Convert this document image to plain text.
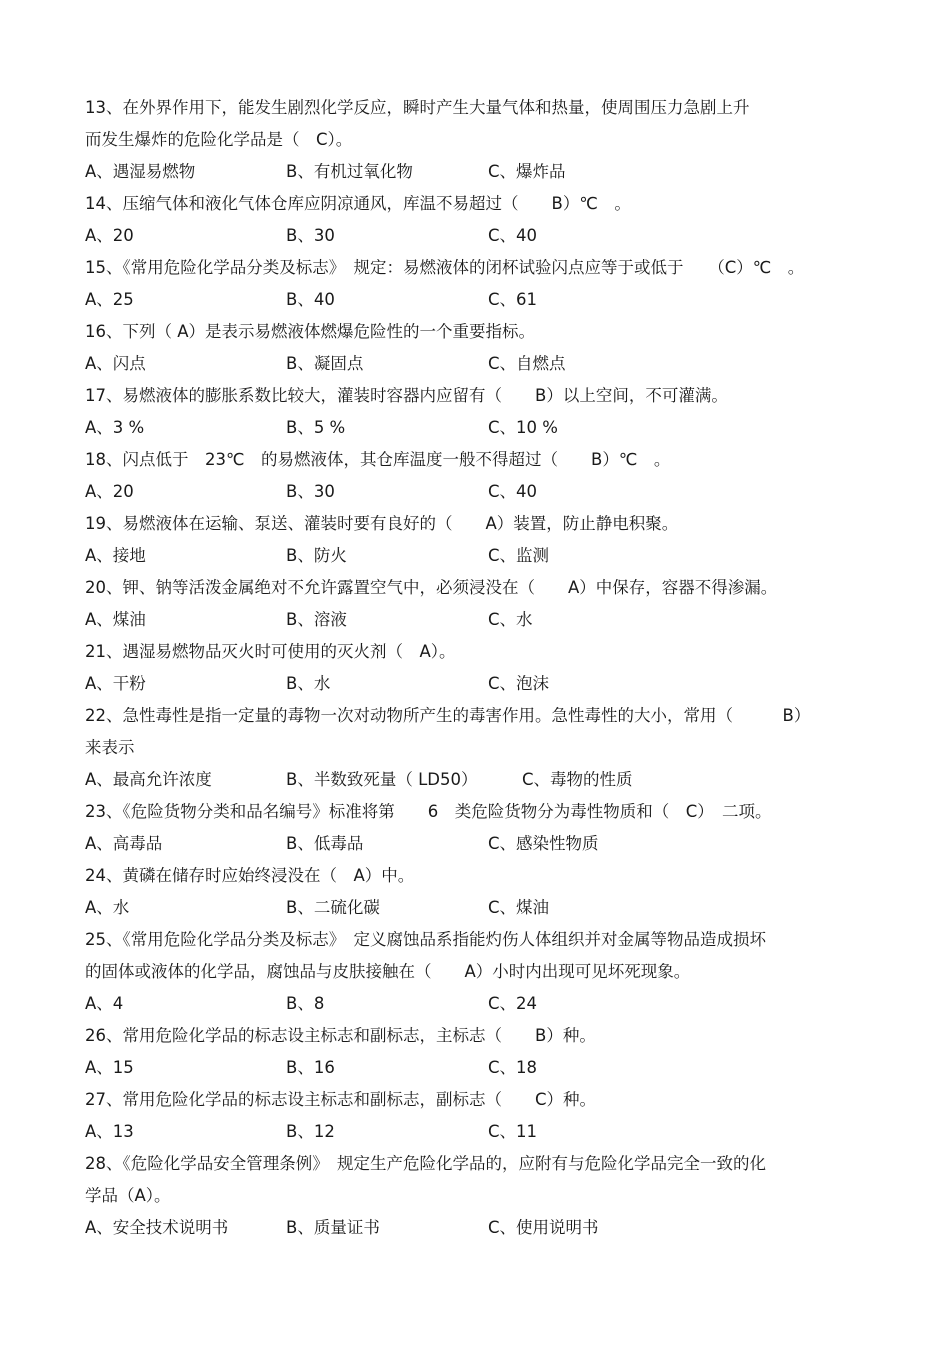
13、在外界作用下，能发生剧烈化学反应，瞬时产生大量气体和热量，使周围压力急剧上升
而发生爆炸的危险化学品是（　C）。
A、遇湿易燃物	B、有机过氧化物	C、爆炸品
14、压缩气体和液化气体仓库应阴凉通风，库温不易超过（　　B）℃　。
A、20	B、30	C、40
15、《常用危险化学品分类及标志》　规定：易燃液体的闭杯试验闪点应等于或低于　　（C）℃　。
A、25	B、40	C、61
16、下列（ A）是表示易燃液体燃爆危险性的一个重要指标。
A、闪点	B、凝固点	C、自燃点
17、易燃液体的膨胀系数比较大，灌装时容器内应留有（　　B）以上空间，不可灌满。
A、3 %	B、5 %	C、10 %
18、闪点低于　23℃　的易燃液体，其仓库温度一般不得超过（　　B）℃　。
A、20	B、30	C、40
19、易燃液体在运输、泵送、灌装时要有良好的（　　A）装置，防止静电积聚。
A、接地	B、防火	C、监测
20、钾、钠等活泼金属绝对不允许露置空气中，必须浸没在（　　A）中保存，容器不得渗漏。
A、煤油	B、溶液	C、水
21、遇湿易燃物品灭火时可使用的灭火剂（　A）。
A、干粉	B、水	C、泡沫
22、急性毒性是指一定量的毒物一次对动物所产生的毒害作用。急性毒性的大小，常用（　　　B）
来表示
A、最高允许浓度	B、半数致死量（ LD50）	C、毒物的性质
23、《危险货物分类和品名编号》标准将第　　6　类危险货物分为毒性物质和（　C）　二项。
A、高毒品	B、低毒品	C、感染性物质
24、黄磷在储存时应始终浸没在（　A）中。
A、水	B、二硫化碳	C、煤油
25、《常用危险化学品分类及标志》　定义腐蚀品系指能灼伤人体组织并对金属等物品造成损坏
的固体或液体的化学品，腐蚀品与皮肤接触在（　　A）小时内出现可见坏死现象。
A、4	B、8	C、24
26、常用危险化学品的标志设主标志和副标志，主标志（　　B）种。
A、15	B、16	C、18
27、常用危险化学品的标志设主标志和副标志，副标志（　　C）种。
A、13	B、12	C、11
28、《危险化学品安全管理条例》　规定生产危险化学品的，应附有与危险化学品完全一致的化
学品（A）。
A、安全技术说明书	B、质量证书	C、使用说明书
